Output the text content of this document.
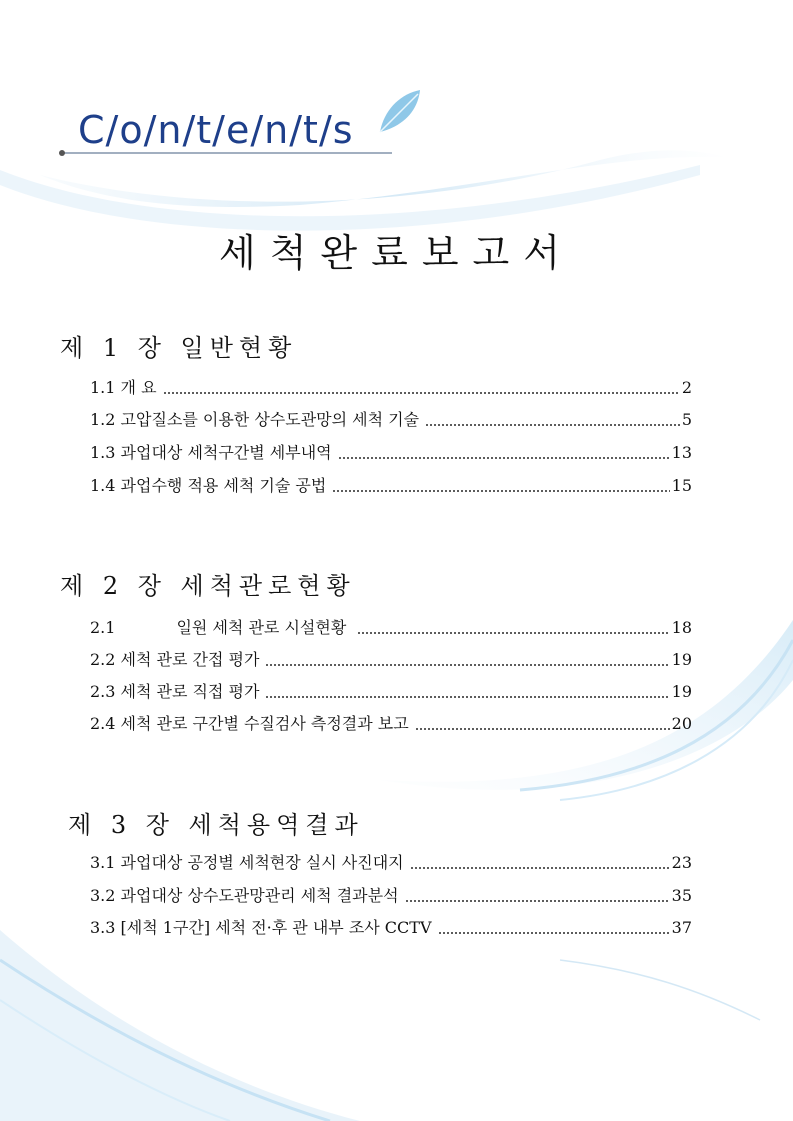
C/o/n/t/e/n/t/s
세척완료보고서
제 1 장 일반현황
1.1 개 요	2
1.2 고압질소를 이용한 상수도관망의 세척 기술	5
1.3 과업대상 세척구간별 세부내역	13
1.4 과업수행 적용 세척 기술 공법	15
제 2 장 세척관로현황
2.1            일원 세척 관로 시설현황	18
2.2 세척 관로 간접 평가	19
2.3 세척 관로 직접 평가	19
2.4 세척 관로 구간별 수질검사 측정결과 보고	20
제 3 장 세척용역결과
3.1 과업대상 공정별 세척현장 실시 사진대지	23
3.2 과업대상 상수도관망관리 세척 결과분석	35
3.3 [세척 1구간] 세척 전·후 관 내부 조사 CCTV	37
